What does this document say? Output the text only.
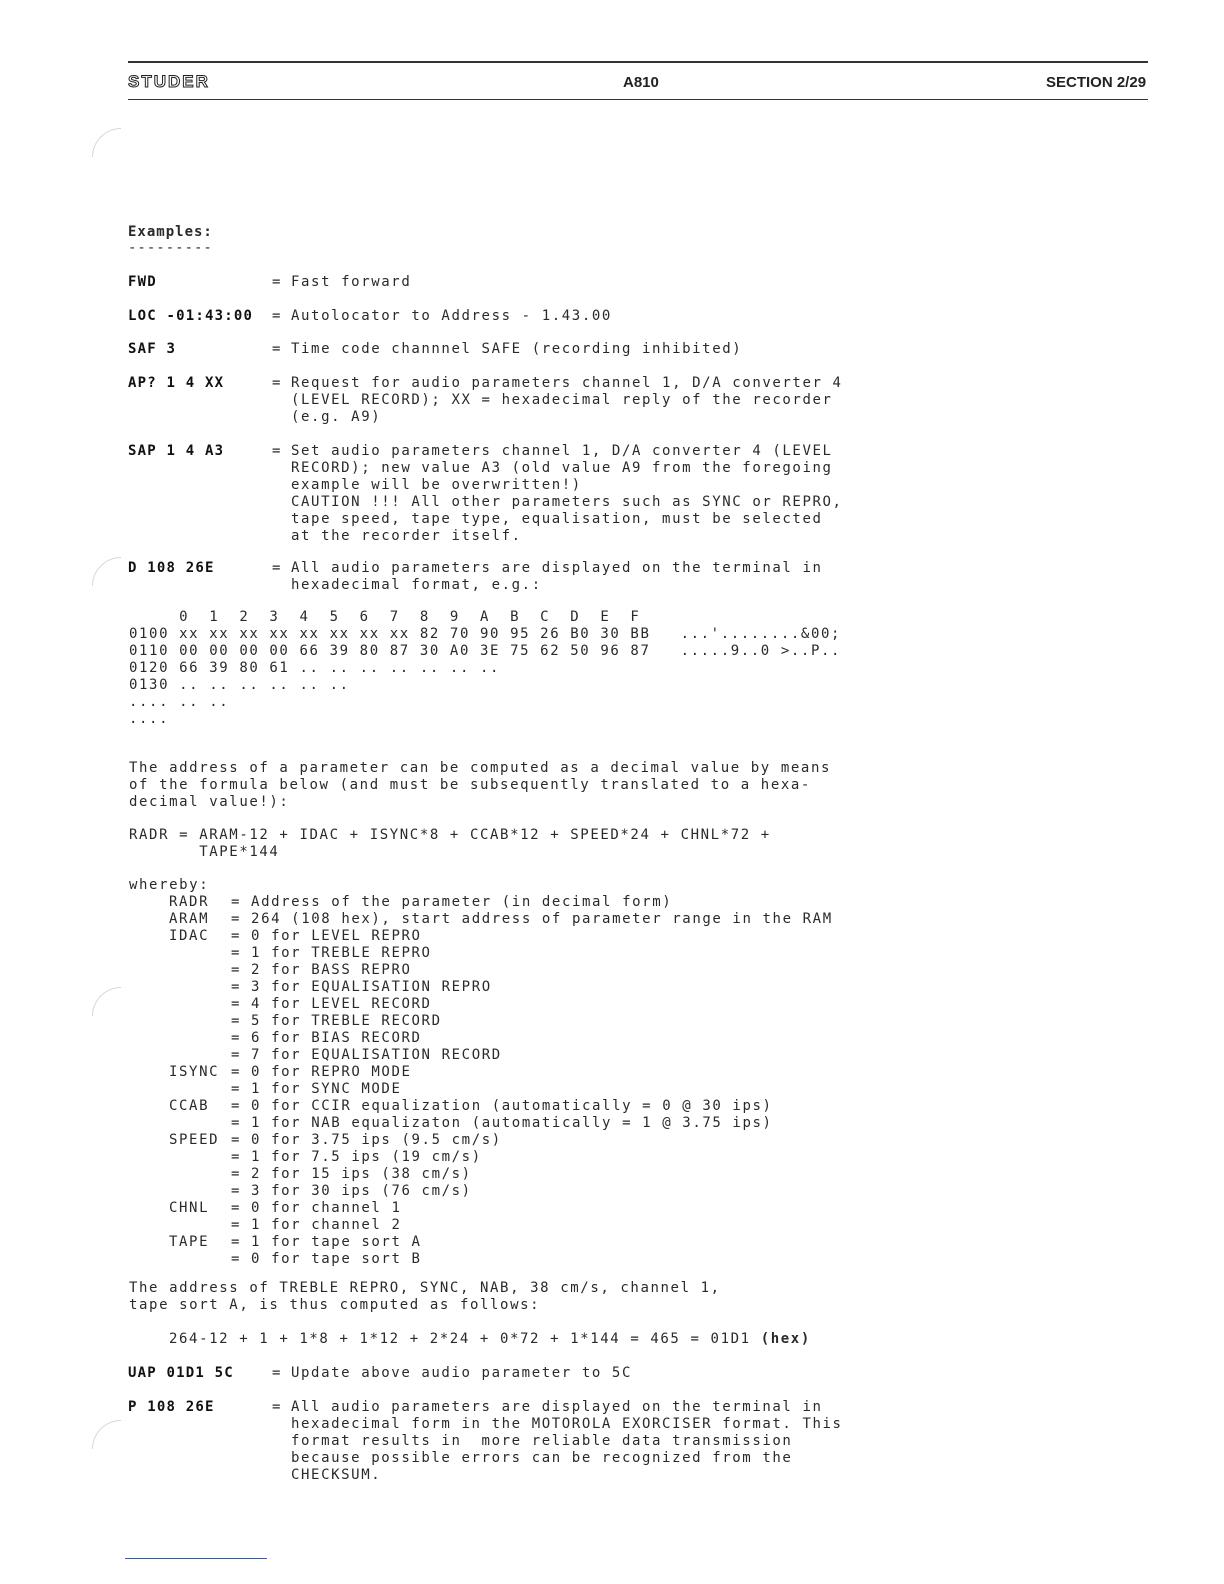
STUDER	A810	SECTION 2/29
Examples:
---------
FWD	= Fast forward
LOC -01:43:00 = Autolocator to Address - 1.43.00
SAF 3	= Time code channnel SAFE (recording inhibited)
AP? 1 4 XX	= Request for audio parameters channel 1, D/A converter 4
(LEVEL RECORD); XX = hexadecimal reply of the recorder
(e.g. A9)
SAP 1 4 A3	= Set audio parameters channel 1, D/A converter 4 (LEVEL
RECORD); new value A3 (old value A9 from the foregoing
example will be overwritten!)
CAUTION !!! All other parameters such as SYNC or REPRO,
tape speed, tape type, equalisation, must be selected
at the recorder itself.
D 108 26E	= All audio parameters are displayed on the terminal in
hexadecimal format, e.g.:
0  1  2  3  4  5  6  7  8  9  A  B  C  D  E  F
0100 xx xx xx xx xx xx xx xx 82 70 90 95 26 B0 30 BB   ...'........&00;
0110 00 00 00 00 66 39 80 87 30 A0 3E 75 62 50 96 87   .....9..0 >..P..
0120 66 39 80 61 .. .. .. .. .. .. ..
0130 .. .. .. .. .. ..
.... .. ..
....
The address of a parameter can be computed as a decimal value by means
of the formula below (and must be subsequently translated to a hexa-
decimal value!):
RADR = ARAM-12 + IDAC + ISYNC*8 + CCAB*12 + SPEED*24 + CHNL*72 +
TAPE*144
whereby:
RADR = Address of the parameter (in decimal form)
ARAM = 264 (108 hex), start address of parameter range in the RAM
IDAC = 0 for LEVEL REPRO
= 1 for TREBLE REPRO
= 2 for BASS REPRO
= 3 for EQUALISATION REPRO
= 4 for LEVEL RECORD
= 5 for TREBLE RECORD
= 6 for BIAS RECORD
= 7 for EQUALISATION RECORD
ISYNC = 0 for REPRO MODE
= 1 for SYNC MODE
CCAB = 0 for CCIR equalization (automatically = 0 @ 30 ips)
= 1 for NAB equalizaton (automatically = 1 @ 3.75 ips)
SPEED = 0 for 3.75 ips (9.5 cm/s)
= 1 for 7.5 ips (19 cm/s)
= 2 for 15 ips (38 cm/s)
= 3 for 30 ips (76 cm/s)
CHNL = 0 for channel 1
= 1 for channel 2
TAPE = 1 for tape sort A
= 0 for tape sort B
The address of TREBLE REPRO, SYNC, NAB, 38 cm/s, channel 1,
tape sort A, is thus computed as follows:
264-12 + 1 + 1*8 + 1*12 + 2*24 + 0*72 + 1*144 = 465 = 01D1 (hex)
UAP 01D1 5C	= Update above audio parameter to 5C
P 108 26E	= All audio parameters are displayed on the terminal in
hexadecimal form in the MOTOROLA EXORCISER format. This
format results in  more reliable data transmission
because possible errors can be recognized from the
CHECKSUM.
